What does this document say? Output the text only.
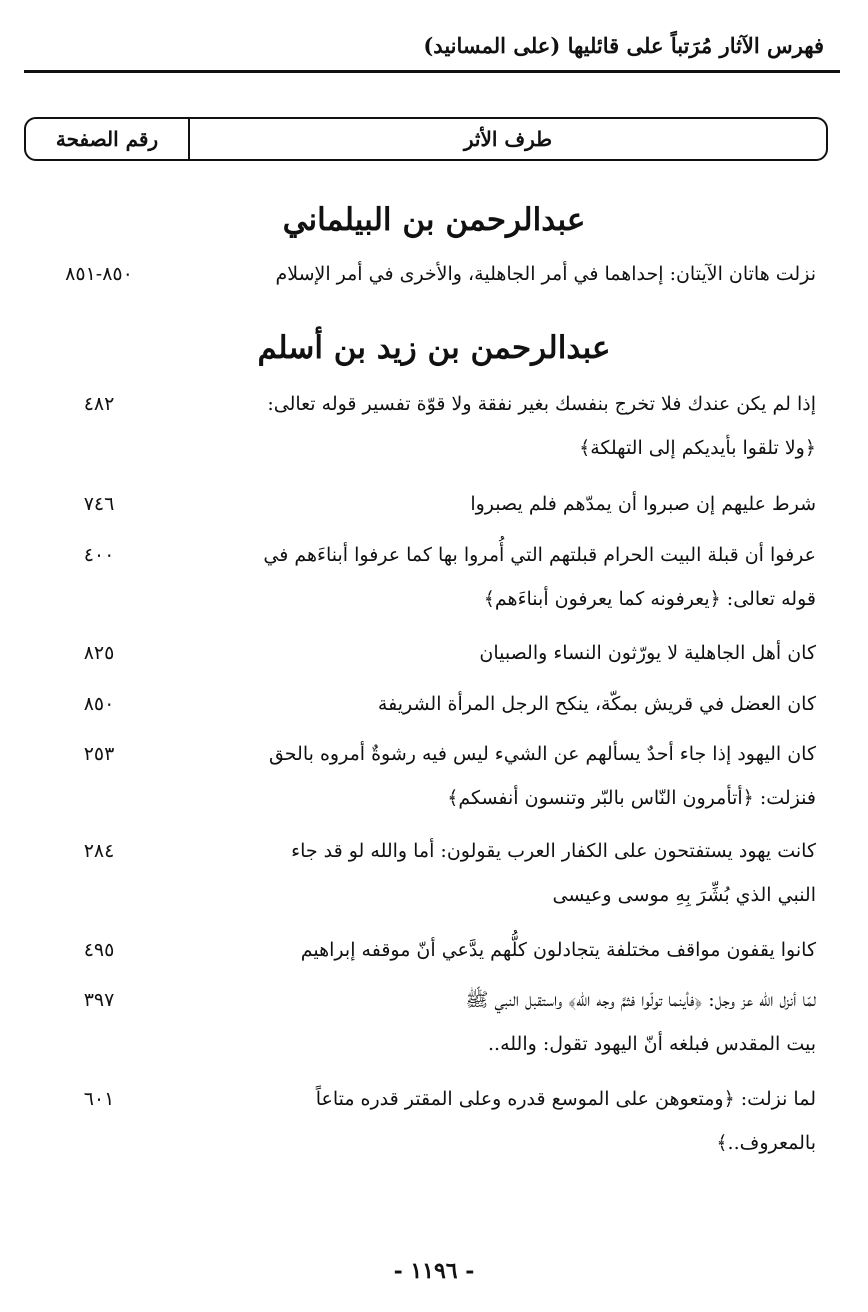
فهرس الآثار مُرَتباً على قائليها (على المسانيد)
طرف الأثر
رقم الصفحة
عبدالرحمن بن البيلماني
نزلت هاتان الآيتان: إحداهما في أمر الجاهلية، والأخرى في أمر الإسلام
٨٥٠-٨٥١
عبدالرحمن بن زيد بن أسلم
إذا لم يكن عندك فلا تخرج بنفسك بغير نفقة ولا قوّة تفسير قوله تعالى:
﴿ولا تلقوا بأيديكم إلى التهلكة﴾
٤٨٢
شرط عليهم إن صبروا أن يمدّهم فلم يصبروا
٧٤٦
عرفوا أن قبلة البيت الحرام قبلتهم التي أُمروا بها كما عرفوا أبناءَهم في
قوله تعالى: ﴿يعرفونه كما يعرفون أبناءَهم﴾
٤٠٠
كان أهل الجاهلية لا يورّثون النساء والصبيان
٨٢٥
كان العضل في قريش بمكّة، ينكح الرجل المرأة الشريفة
٨٥٠
كان اليهود إذا جاء أحدٌ يسألهم عن الشيء ليس فيه رشوةٌ أمروه بالحق
فنزلت: ﴿أتأمرون النّاس بالبّر وتنسون أنفسكم﴾
٢٥٣
كانت يهود يستفتحون على الكفار العرب يقولون: أما والله لو قد جاء
النبي الذي بُشِّرَ بِهِ موسى وعيسى
٢٨٤
كانوا يقفون مواقف مختلفة يتجادلون كلُّهم يدَّعي أنّ موقفه إبراهيم
٤٩٥
لمّا أنزل الله عز وجل: ﴿فأينما تولّوا فثمَّ وجه الله﴾ واستقبل النبي ﷺ
بيت المقدس فبلغه أنّ اليهود تقول: والله..
٣٩٧
لما نزلت: ﴿ومتعوهن على الموسع قدره وعلى المقتر قدره متاعاً
بالمعروف..﴾
٦٠١
- ١١٩٦ -
